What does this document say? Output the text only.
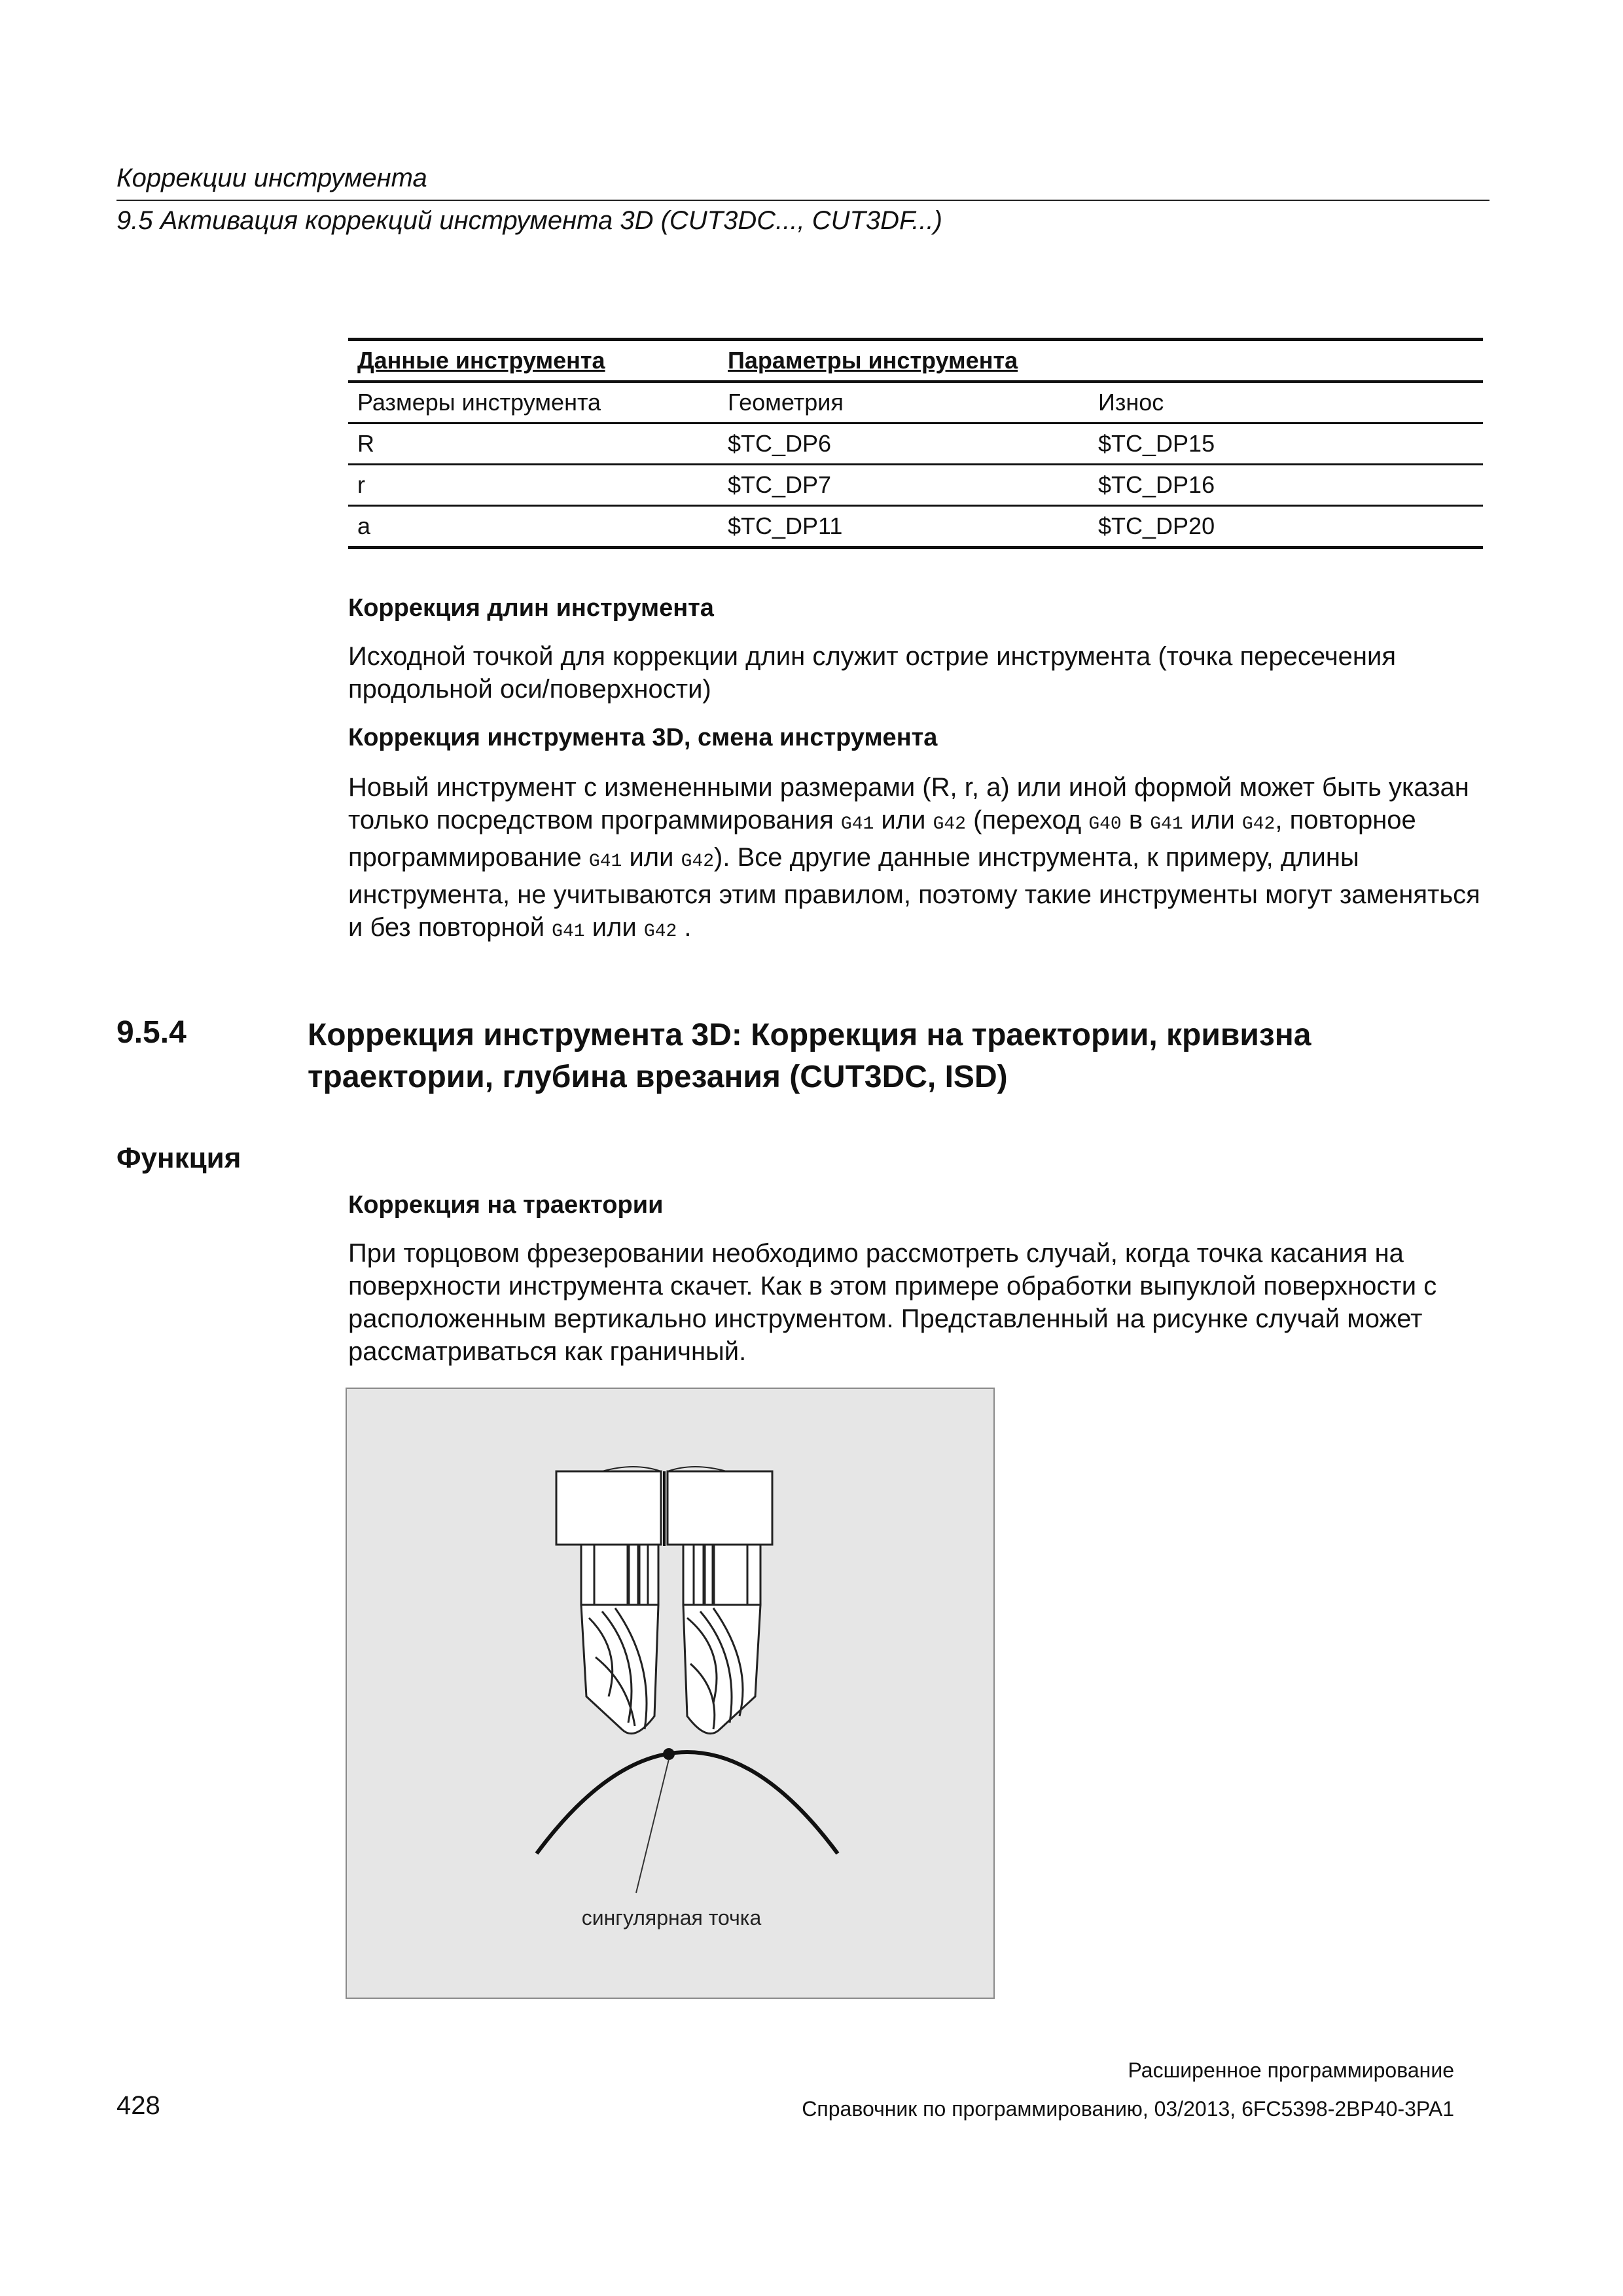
Коррекции инструмента
9.5 Активация коррекций инструмента 3D (CUT3DC..., CUT3DF...)
Данные инструмента	Параметры инструмента	
Размеры инструмента	Геометрия	Износ
R	$TC_DP6	$TC_DP15
r	$TC_DP7	$TC_DP16
a	$TC_DP11	$TC_DP20
Коррекция длин инструмента
Исходной точкой для коррекции длин служит острие инструмента (точка пересечения продольной оси/поверхности)
Коррекция инструмента 3D, смена инструмента
Новый инструмент с измененными размерами (R, r, a) или иной формой может быть указан только посредством программирования G41 или G42 (переход G40 в G41 или G42, повторное программирование G41 или G42). Все другие данные инструмента, к примеру, длины инструмента, не учитываются этим правилом, поэтому такие инструменты могут заменяться и без повторной G41 или G42 .
9.5.4	Коррекция инструмента 3D: Коррекция на траектории, кривизна траектории, глубина врезания (CUT3DC, ISD)
Функция
Коррекция на траектории
При торцовом фрезеровании необходимо рассмотреть случай, когда точка касания на поверхности инструмента скачет. Как в этом примере обработки выпуклой поверхности с расположенным вертикально инструментом. Представленный на рисунке случай может рассматриваться как граничный.
сингулярная точка
Расширенное программирование
428	Справочник по программированию, 03/2013, 6FC5398-2BP40-3PA1
